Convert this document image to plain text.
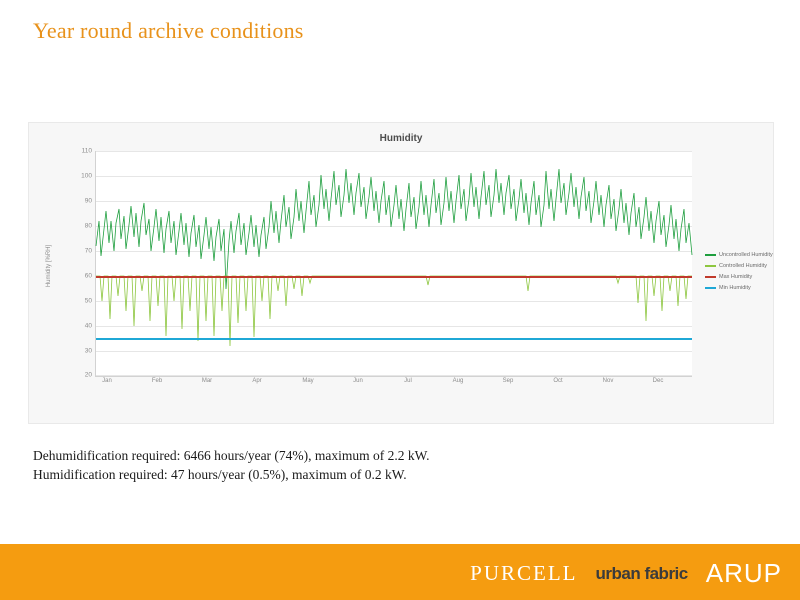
Year round archive conditions
Humidity
Humidity [%RH]
110
100
90
80
70
60
50
40
30
20
Jan	Feb	Mar	Apr	May	Jun	Jul	Aug	Sep	Oct	Nov	Dec
Uncontrolled Humidity
Controlled Humidity
Max Humidity
Min Humidity
Dehumidification required: 6466 hours/year (74%), maximum of 2.2 kW.
Humidification required: 47 hours/year (0.5%), maximum of 0.2 kW.
PURCELL urban fabric ARUP
